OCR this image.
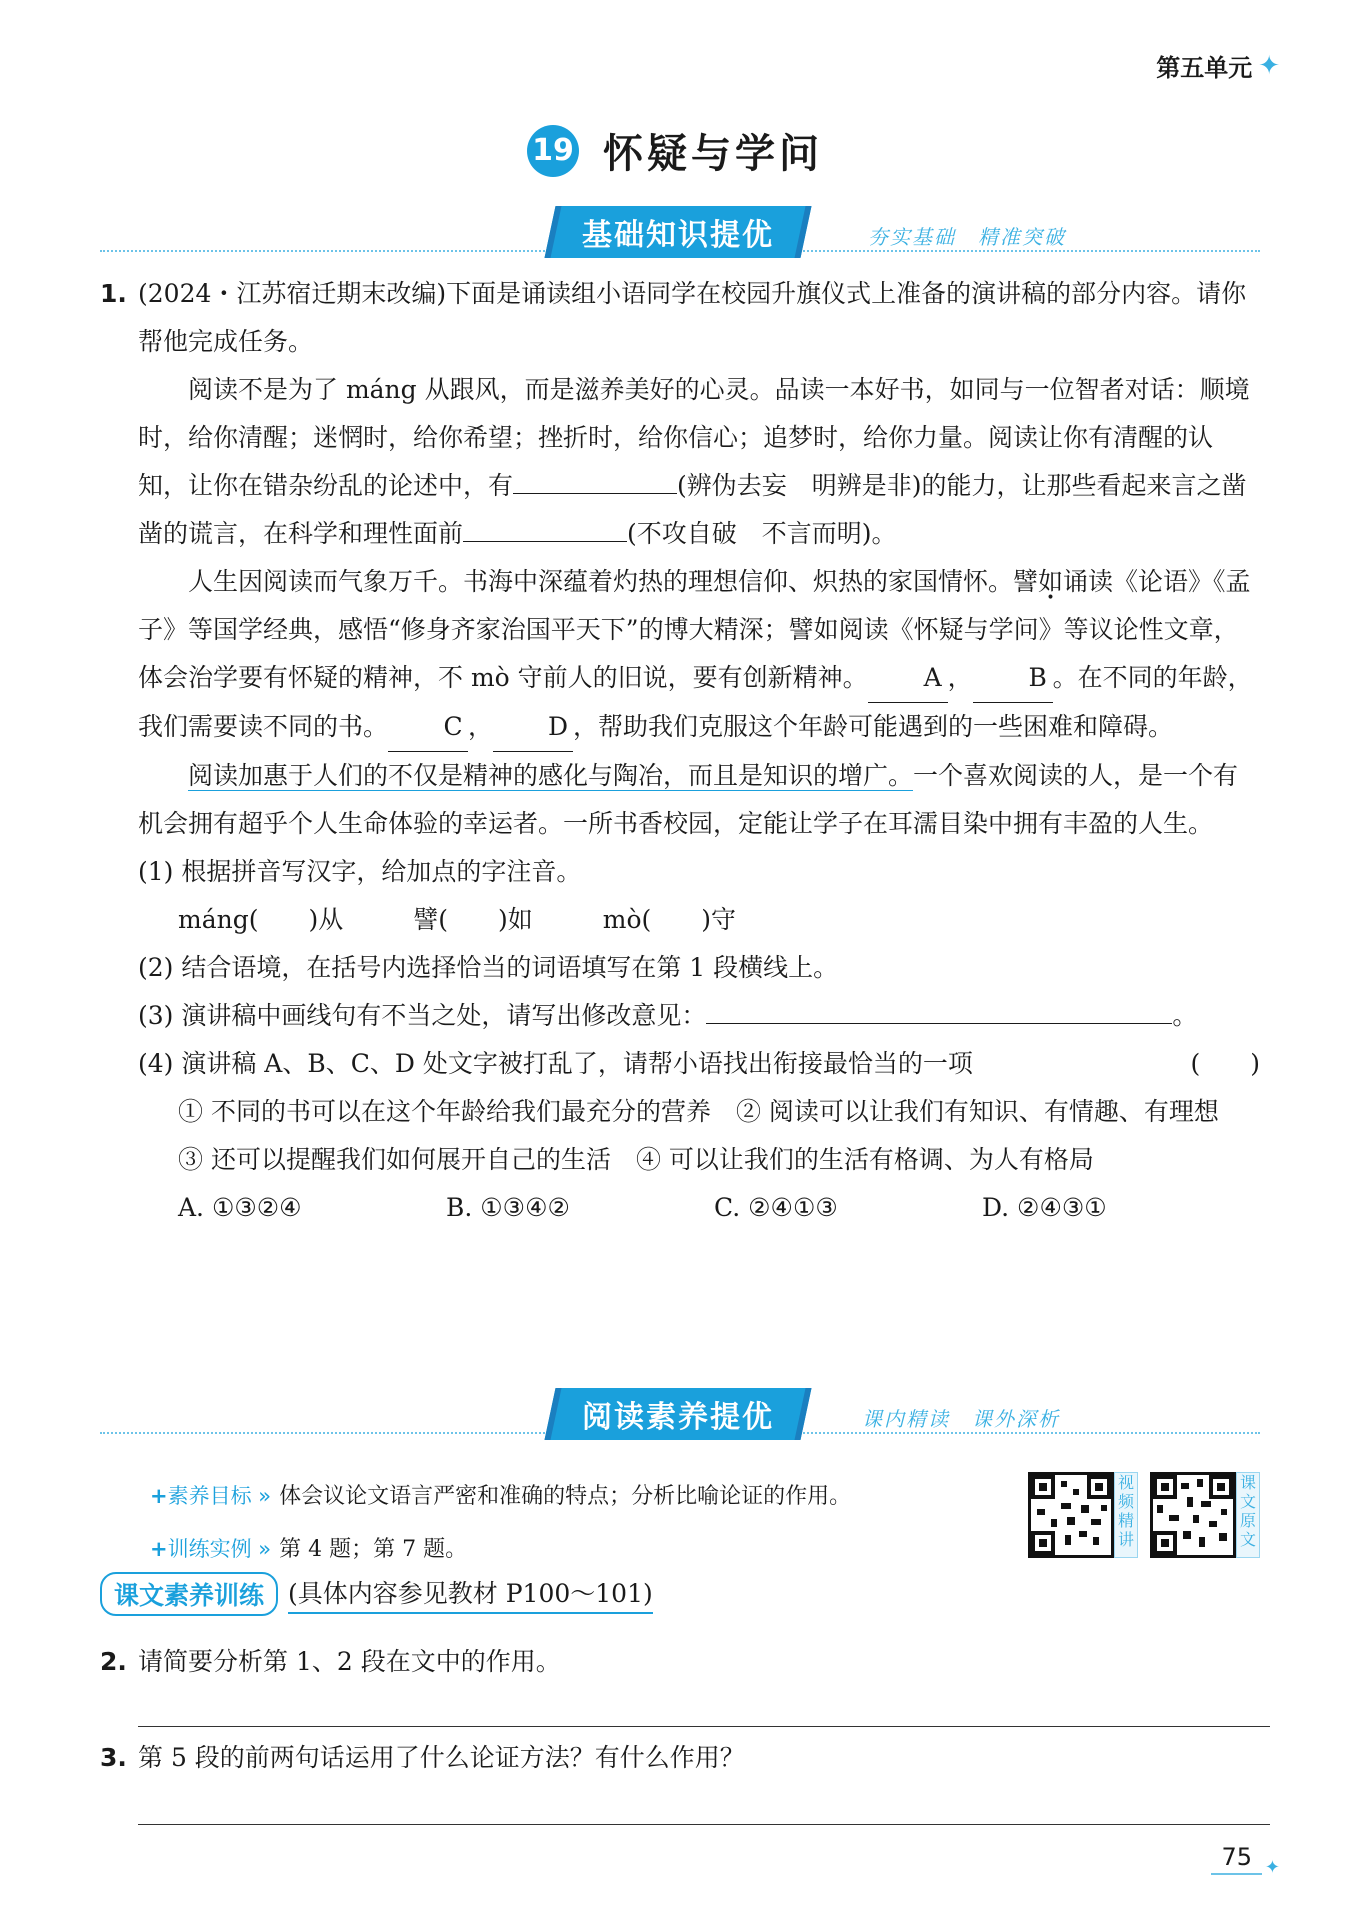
第五单元 ✦
19 怀疑与学问
基础知识提优	夯实基础　精准突破
1. (2024・江苏宿迁期末改编)下面是诵读组小语同学在校园升旗仪式上准备的演讲稿的部分内容。请你帮他完成任务。

阅读不是为了 máng 从跟风，而是滋养美好的心灵。品读一本好书，如同与一位智者对话：顺境时，给你清醒；迷惘时，给你希望；挫折时，给你信心；追梦时，给你力量。阅读让你有清醒的认知，让你在错杂纷乱的论述中，有	(辨伪去妄　明辨是非)的能力，让那些看起来言之凿凿的谎言，在科学和理性面前	(不攻自破　不言而明)。

人生因阅读而气象万千。书海中深蕴着灼热的理想信仰、炽热的家国情怀。譬如诵读《论语》《孟子》等国学经典，感悟“修身齐家治国平天下”的博大精深；譬如阅读《怀疑与学问》等议论性文章，体会治学要有怀疑的精神，不 mò 守前人的旧说，要有创新精神。 A ， B 。在不同的年龄，我们需要读不同的书。 C ， D ，帮助我们克服这个年龄可能遇到的一些困难和障碍。

阅读加惠于人们的不仅是精神的感化与陶冶，而且是知识的增广。一个喜欢阅读的人，是一个有机会拥有超乎个人生命体验的幸运者。一所书香校园，定能让学子在耳濡目染中拥有丰盈的人生。

(1) 根据拼音写汉字，给加点的字注音。
máng(　　)从	譬(　　)如	mò(　　)守
(2) 结合语境，在括号内选择恰当的词语填写在第 1 段横线上。
(3) 演讲稿中画线句有不当之处，请写出修改意见：	。
(4) 演讲稿 A、B、C、D 处文字被打乱了，请帮小语找出衔接最恰当的一项	(　　)
① 不同的书可以在这个年龄给我们最充分的营养　② 阅读可以让我们有知识、有情趣、有理想　③ 还可以提醒我们如何展开自己的生活　④ 可以让我们的生活有格调、为人有格局
A. ①③②④	B. ①③④②	C. ②④①③	D. ②④③①
阅读素养提优	课内精读　课外深析
+素养目标 » 体会议论文语言严密和准确的特点；分析比喻论证的作用。
+训练实例 » 第 4 题；第 7 题。
视频精讲
课文原文
课文素养训练 (具体内容参见教材 P100～101)
2. 请简要分析第 1、2 段在文中的作用。
3. 第 5 段的前两句话运用了什么论证方法？有什么作用？
75 ✦
